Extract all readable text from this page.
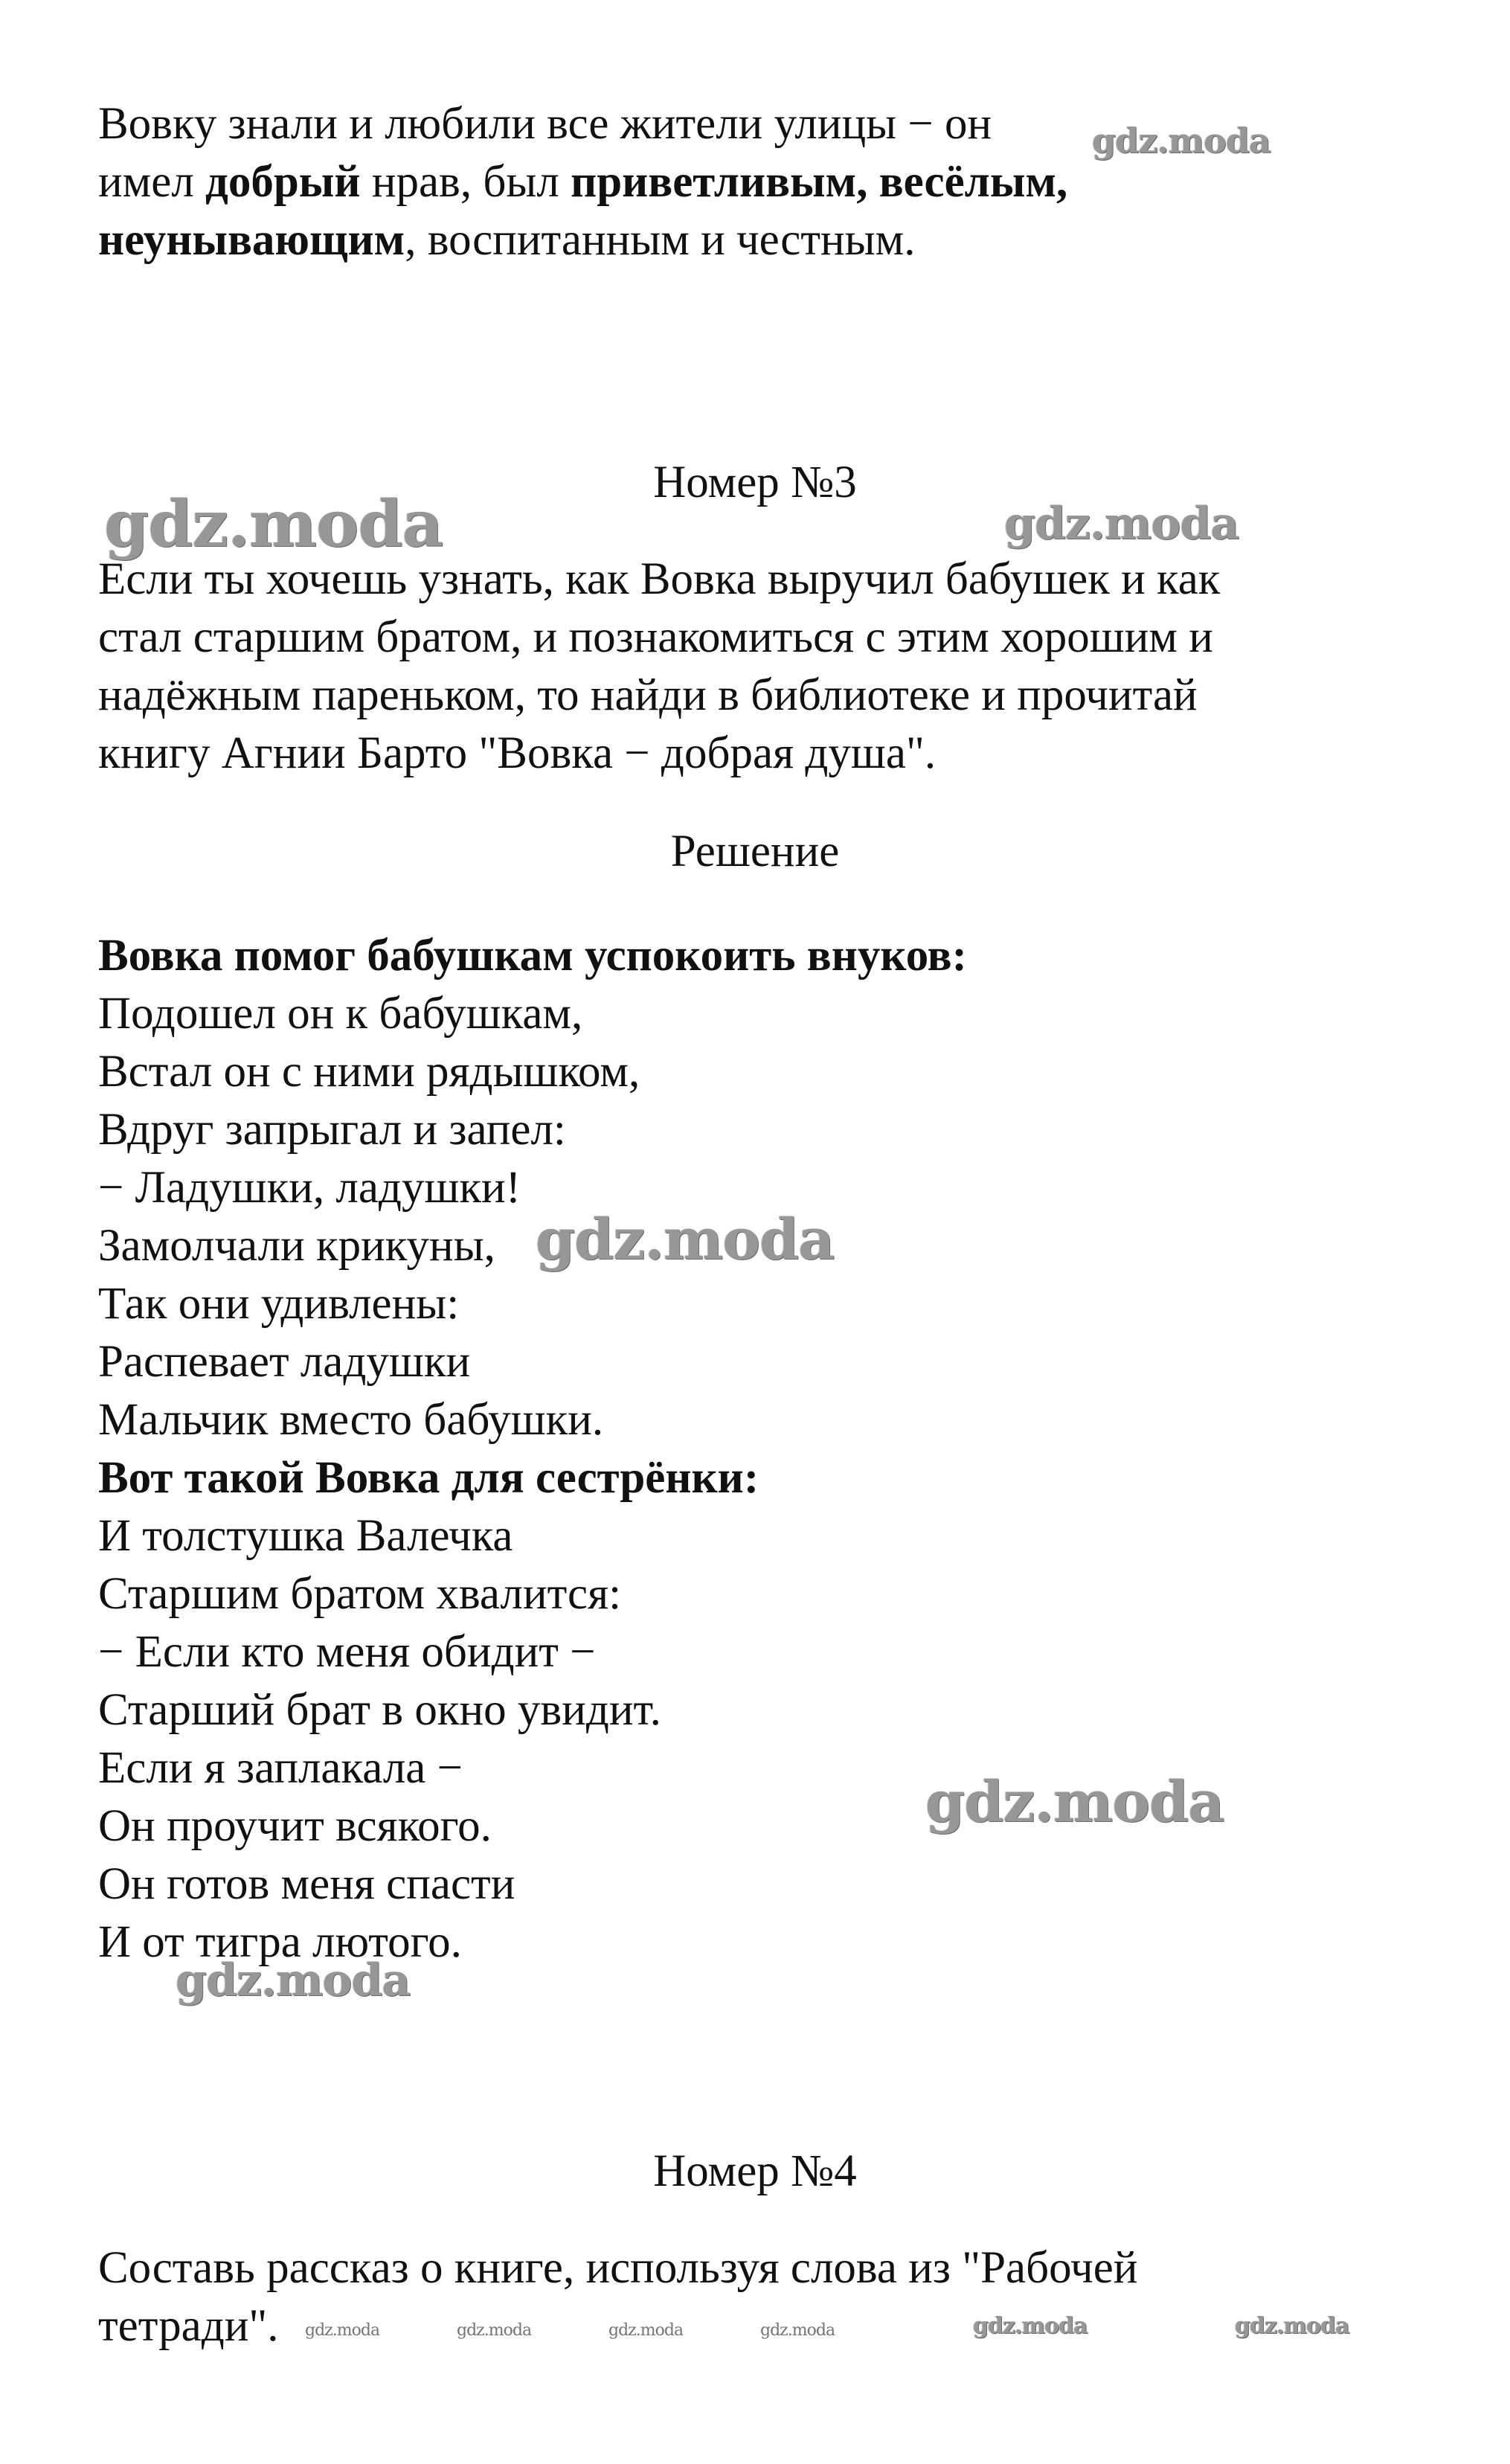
Вовку знали и любили все жители улицы − он
имел добрый нрав, был приветливым, весёлым,
неунывающим, воспитанным и честным.
Номер №3
Если ты хочешь узнать, как Вовка выручил бабушек и как
стал старшим братом, и познакомиться с этим хорошим и
надёжным пареньком, то найди в библиотеке и прочитай
книгу Агнии Барто "Вовка − добрая душа".
Решение
Вовка помог бабушкам успокоить внуков:
Подошел он к бабушкам,
Встал он с ними рядышком,
Вдруг запрыгал и запел:
− Ладушки, ладушки!
Замолчали крикуны,
Так они удивлены:
Распевает ладушки
Мальчик вместо бабушки.
Вот такой Вовка для сестрёнки:
И толстушка Валечка
Старшим братом хвалится:
− Если кто меня обидит −
Старший брат в окно увидит.
Если я заплакала −
Он проучит всякого.
Он готов меня спасти
И от тигра лютого.
Номер №4
Составь рассказ о книге, используя слова из "Рабочей
тетради".
gdz.moda
gdz.moda	gdz.moda
gdz.moda
gdz.moda
gdz.moda
gdz.moda	gdz.moda	gdz.moda	gdz.moda	gdz.moda	gdz.moda
